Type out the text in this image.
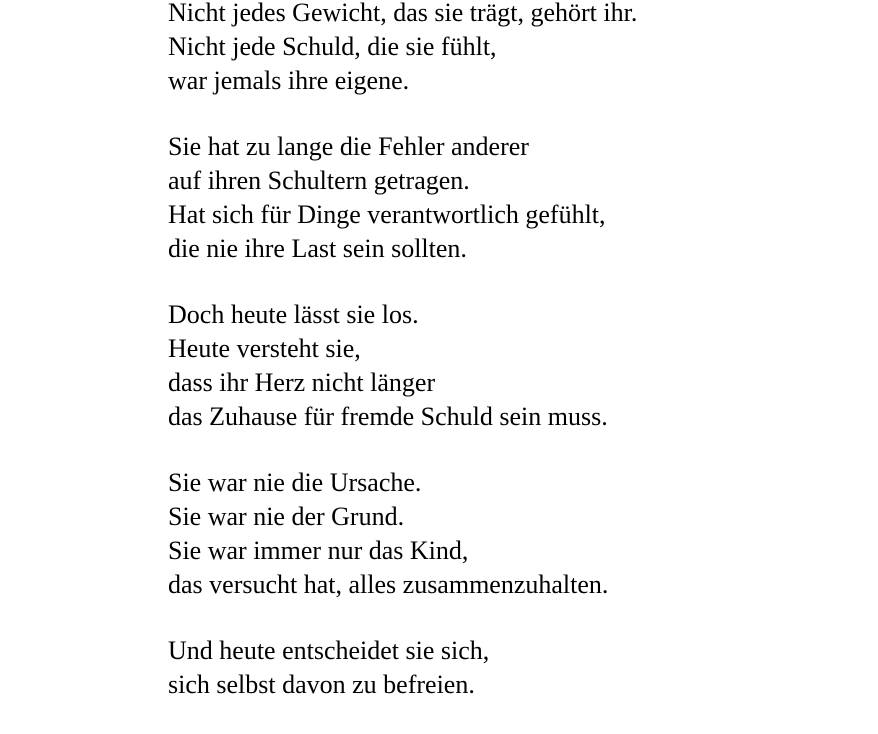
Nicht jedes Gewicht, das sie trägt, gehört ihr.
Nicht jede Schuld, die sie fühlt,
war jemals ihre eigene.
Sie hat zu lange die Fehler anderer
auf ihren Schultern getragen.
Hat sich für Dinge verantwortlich gefühlt,
die nie ihre Last sein sollten.
Doch heute lässt sie los.
Heute versteht sie,
dass ihr Herz nicht länger
das Zuhause für fremde Schuld sein muss.
Sie war nie die Ursache.
Sie war nie der Grund.
Sie war immer nur das Kind,
das versucht hat, alles zusammenzuhalten.
Und heute entscheidet sie sich,
sich selbst davon zu befreien.
